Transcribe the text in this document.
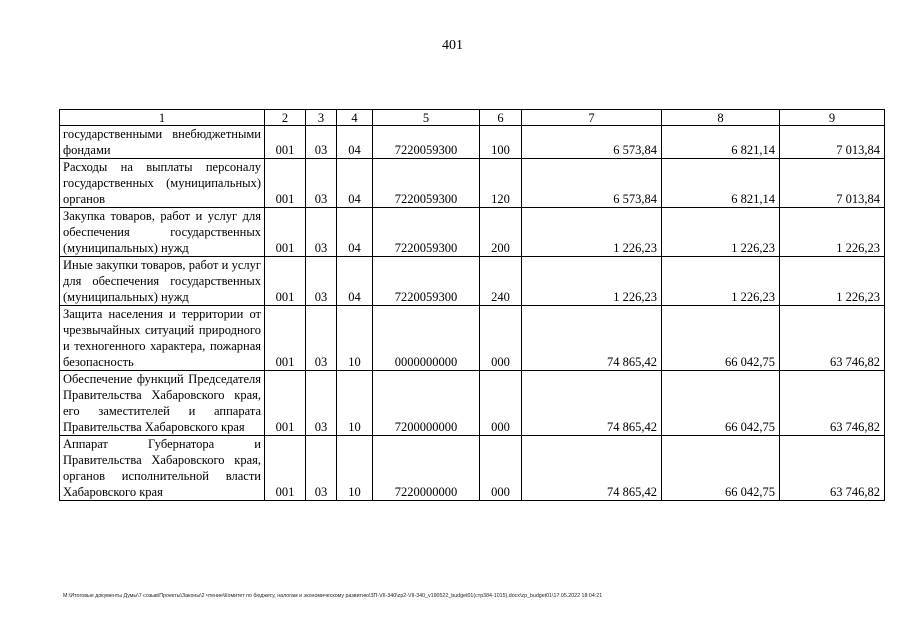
401
1	2	3	4	5	6	7	8	9
государственными внебюджетными фондами	001	03	04	7220059300	100	6 573,84	6 821,14	7 013,84
Расходы на выплаты персоналу государственных (муниципальных) органов	001	03	04	7220059300	120	6 573,84	6 821,14	7 013,84
Закупка товаров, работ и услуг для обеспечения государственных (муниципальных) нужд	001	03	04	7220059300	200	1 226,23	1 226,23	1 226,23
Иные закупки товаров, работ и услуг для обеспечения государственных (муниципальных) нужд	001	03	04	7220059300	240	1 226,23	1 226,23	1 226,23
Защита населения и территории от чрезвычайных ситуаций природного и техногенного характера, пожарная безопасность	001	03	10	0000000000	000	74 865,42	66 042,75	63 746,82
Обеспечение функций Председателя Правительства Хабаровского края, его заместителей и аппарата Правительства Хабаровского края	001	03	10	7200000000	000	74 865,42	66 042,75	63 746,82
Аппарат Губернатора и Правительства Хабаровского края, органов исполнительной власти Хабаровского края	001	03	10	7220000000	000	74 865,42	66 042,75	63 746,82
М:\Итоговые документы Думы\7 созыв\Проекты\Законы\2 чтение\Комитет по бюджету, налогам и экономическому развитию\ЗП-VII-340\zp2-VII-340_v190522_budget01(стр384-1015).docx\zp_budget01\17.05.2022 18:04:21
